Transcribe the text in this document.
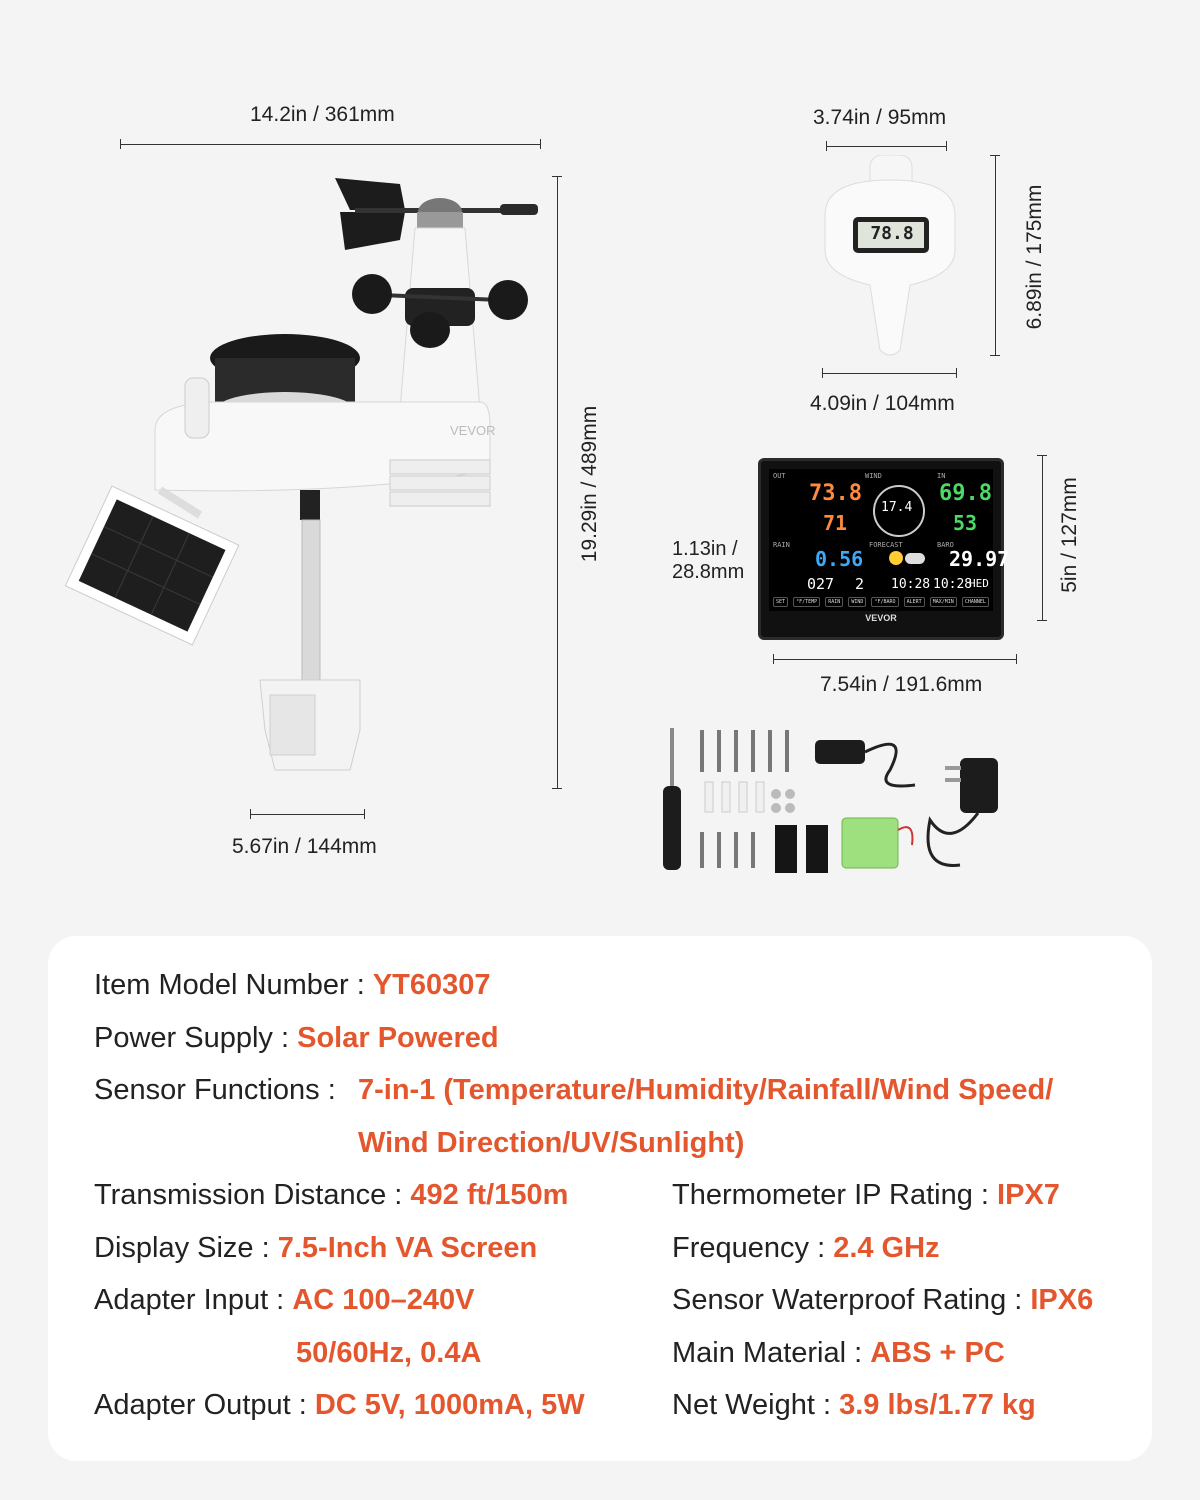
14.2in / 361mm
19.29in / 489mm
5.67in / 144mm
VEVOR
3.74in / 95mm
6.89in / 175mm
4.09in / 104mm
78.8
1.13in /
28.8mm	5in / 127mm
7.54in / 191.6mm
OUT
73.8
71
WIND
17.4
IN
69.8
53
RAIN
0.56
FORECAST	BARO
29.97
027 2 10:28 10:28
HED
SET	°F/TEMP	RAIN	WIND	°F/BARO	ALERT	MAX/MIN	CHANNEL
VEVOR
Item Model Number : YT60307
Power Supply : Solar Powered
Sensor Functions :7-in-1 (Temperature/Humidity/Rainfall/Wind Speed/
Wind Direction/UV/Sunlight)
Transmission Distance : 492 ft/150m
Display Size : 7.5-Inch VA Screen
Adapter Input : AC 100–240V
50/60Hz, 0.4A
Adapter Output : DC 5V, 1000mA, 5W
Thermometer IP Rating : IPX7
Frequency : 2.4 GHz
Sensor Waterproof Rating : IPX6
Main Material : ABS + PC
Net Weight : 3.9 lbs/1.77 kg
